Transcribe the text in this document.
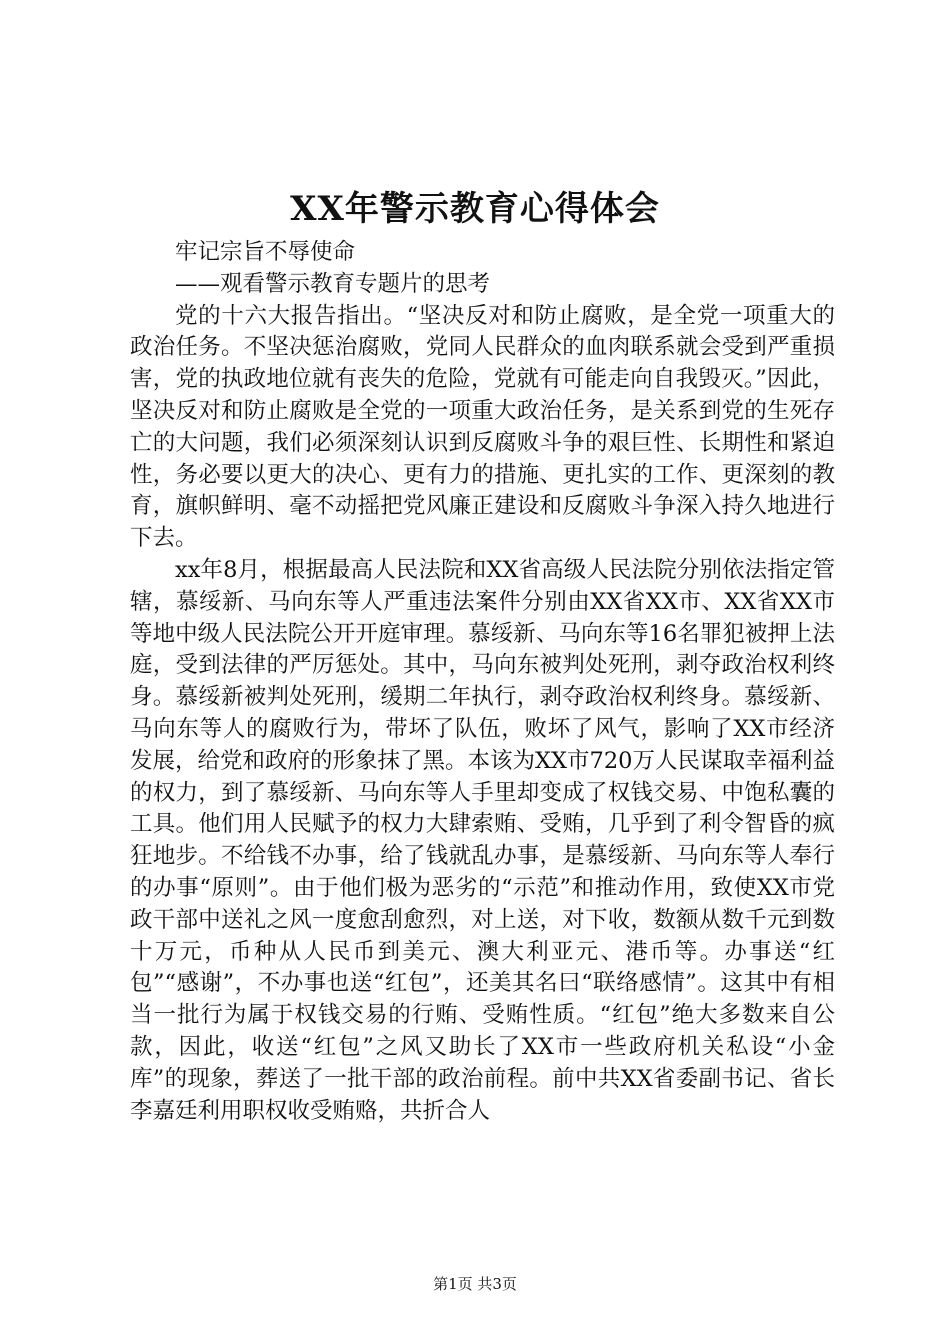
XX年警示教育心得体会

牢记宗旨不辱使命

——观看警示教育专题片的思考

党的十六大报告指出。“坚决反对和防止腐败，是全党一项重大的政治任务。不坚决惩治腐败，党同人民群众的血肉联系就会受到严重损害，党的执政地位就有丧失的危险，党就有可能走向自我毁灭。”因此，坚决反对和防止腐败是全党的一项重大政治任务，是关系到党的生死存亡的大问题，我们必须深刻认识到反腐败斗争的艰巨性、长期性和紧迫性，务必要以更大的决心、更有力的措施、更扎实的工作、更深刻的教育，旗帜鲜明、毫不动摇把党风廉正建设和反腐败斗争深入持久地进行下去。

xx年8月，根据最高人民法院和XX省高级人民法院分别依法指定管辖，慕绥新、马向东等人严重违法案件分别由XX省XX市、XX省XX市等地中级人民法院公开开庭审理。慕绥新、马向东等16名罪犯被押上法庭，受到法律的严厉惩处。其中，马向东被判处死刑，剥夺政治权利终身。慕绥新被判处死刑，缓期二年执行，剥夺政治权利终身。慕绥新、马向东等人的腐败行为，带坏了队伍，败坏了风气，影响了XX市经济发展，给党和政府的形象抹了黑。本该为XX市720万人民谋取幸福利益的权力，到了慕绥新、马向东等人手里却变成了权钱交易、中饱私囊的工具。他们用人民赋予的权力大肆索贿、受贿，几乎到了利令智昏的疯狂地步。不给钱不办事，给了钱就乱办事，是慕绥新、马向东等人奉行的办事“原则”。由于他们极为恶劣的“示范”和推动作用，致使XX市党政干部中送礼之风一度愈刮愈烈，对上送，对下收，数额从数千元到数十万元，币种从人民币到美元、澳大利亚元、港币等。办事送“红包”“感谢”，不办事也送“红包”，还美其名曰“联络感情”。这其中有相当一批行为属于权钱交易的行贿、受贿性质。“红包”绝大多数来自公款，因此，收送“红包”之风又助长了XX市一些政府机关私设“小金库”的现象，葬送了一批干部的政治前程。前中共XX省委副书记、省长李嘉廷利用职权收受贿赂，共折合人

第1页 共3页
